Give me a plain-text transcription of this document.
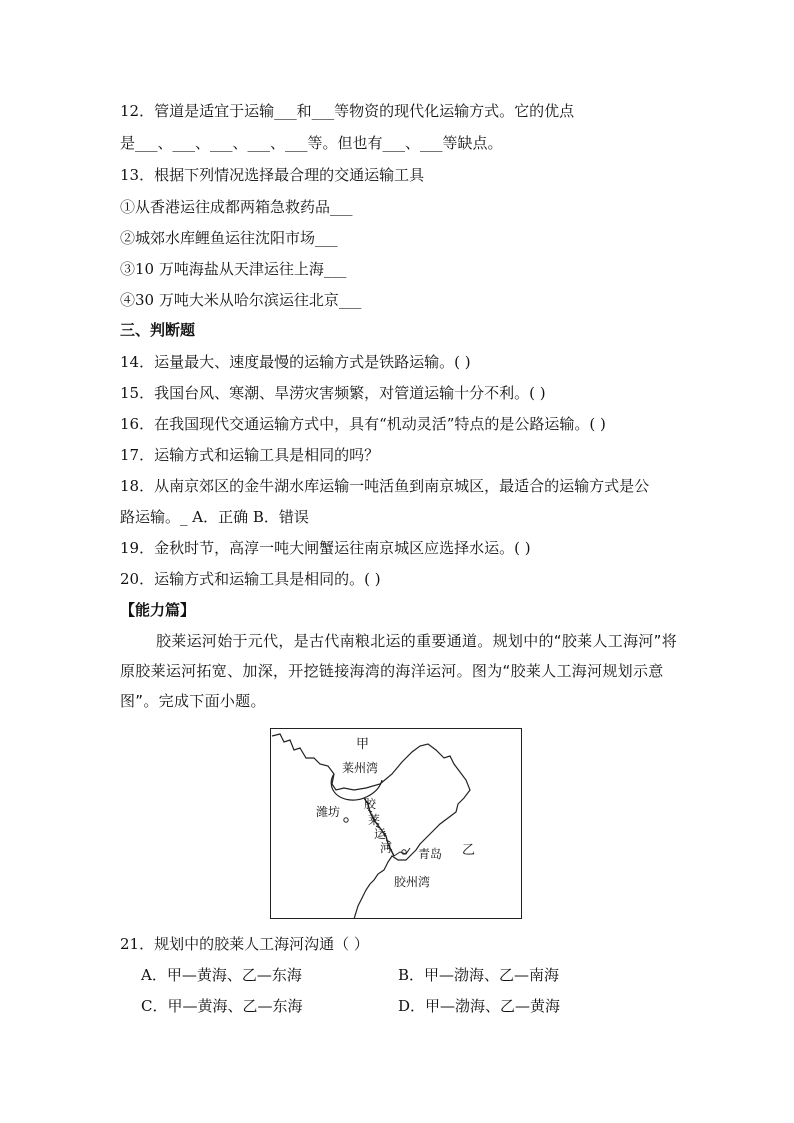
12．管道是适宜于运输___和___等物资的现代化运输方式。它的优点
是___、___、___、___、___等。但也有___、___等缺点。
13．根据下列情况选择最合理的交通运输工具
①从香港运往成都两箱急救药品___
②城郊水库鲤鱼运往沈阳市场___
③10 万吨海盐从天津运往上海___
④30 万吨大米从哈尔滨运往北京___
三、判断题
14．运量最大、速度最慢的运输方式是铁路运输。( )
15．我国台风、寒潮、旱涝灾害频繁，对管道运输十分不利。( )
16．在我国现代交通运输方式中，具有“机动灵活”特点的是公路运输。( )
17．运输方式和运输工具是相同的吗？
18．从南京郊区的金牛湖水库运输一吨活鱼到南京城区，最适合的运输方式是公
路运输。_ A．正确 B．错误
19．金秋时节，高淳一吨大闸蟹运往南京城区应选择水运。( )
20．运输方式和运输工具是相同的。( )
【能力篇】
胶莱运河始于元代，是古代南粮北运的重要通道。规划中的“胶莱人工海河”将原胶莱运河拓宽、加深，开挖链接海湾的海洋运河。图为“胶莱人工海河规划示意图”。完成下面小题。
甲
莱州湾
潍坊
胶
莱
运
河 青岛 乙
胶州湾
21．规划中的胶莱人工海河沟通（ ）
A．甲—黄海、乙—东海	B．甲—渤海、乙—南海
C．甲—黄海、乙—东海	D．甲—渤海、乙—黄海
